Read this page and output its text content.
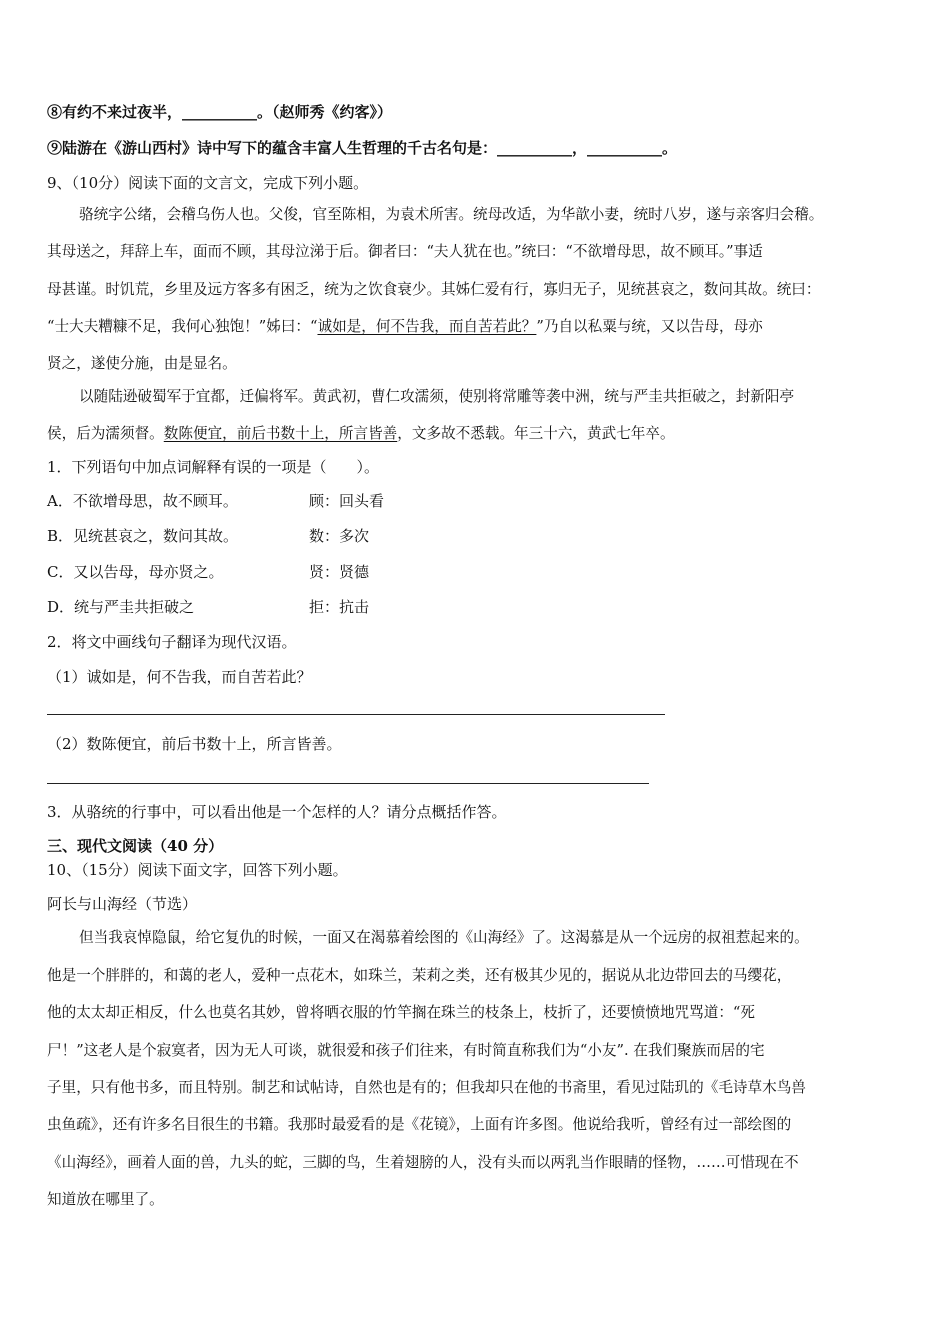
⑧有约不来过夜半，__________。（赵师秀《约客》）
⑨陆游在《游山西村》诗中写下的蕴含丰富人生哲理的千古名句是：__________，__________。
9、（10分）阅读下面的文言文，完成下列小题。
骆统字公绪，会稽乌伤人也。父俊，官至陈相，为袁术所害。统母改适，为华歆小妻，统时八岁，遂与亲客归会稽。
其母送之，拜辞上车，面而不顾，其母泣涕于后。御者曰：“夫人犹在也。”统曰：“不欲增母思，故不顾耳。”事适
母甚谨。时饥荒，乡里及远方客多有困乏，统为之饮食衰少。其姊仁爱有行，寡归无子，见统甚哀之，数问其故。统曰：
“士大夫糟糠不足，我何心独饱！”姊曰：“诚如是，何不告我，而自苦若此？”乃自以私粟与统，又以告母，母亦
贤之，遂使分施，由是显名。
以随陆逊破蜀军于宜都，迁偏将军。黄武初，曹仁攻濡须，使别将常雕等袭中洲，统与严圭共拒破之，封新阳亭
侯，后为濡须督。数陈便宜，前后书数十上，所言皆善，文多故不悉载。年三十六，黄武七年卒。
1．下列语句中加点词解释有误的一项是（　　）。
A．不欲增母思，故不顾耳。	顾：回头看
B．见统甚哀之，数问其故。	数：多次
C．又以告母，母亦贤之。	贤：贤德
D．统与严圭共拒破之	拒：抗击
2．将文中画线句子翻译为现代汉语。
（1）诚如是，何不告我，而自苦若此？
（2）数陈便宜，前后书数十上，所言皆善。
3．从骆统的行事中，可以看出他是一个怎样的人？请分点概括作答。
三、现代文阅读（40 分）
10、（15分）阅读下面文字，回答下列小题。
阿长与山海经（节选）
但当我哀悼隐鼠，给它复仇的时候，一面又在渴慕着绘图的《山海经》了。这渴慕是从一个远房的叔祖惹起来的。
他是一个胖胖的，和蔼的老人，爱种一点花木，如珠兰，茉莉之类，还有极其少见的，据说从北边带回去的马缨花，
他的太太却正相反，什么也莫名其妙，曾将晒衣服的竹竿搁在珠兰的枝条上，枝折了，还要愤愤地咒骂道：“死
尸！”这老人是个寂寞者，因为无人可谈，就很爱和孩子们往来，有时简直称我们为“小友”. 在我们聚族而居的宅
子里，只有他书多，而且特别。制艺和试帖诗，自然也是有的；但我却只在他的书斋里，看见过陆玑的《毛诗草木鸟兽
虫鱼疏》，还有许多名目很生的书籍。我那时最爱看的是《花镜》，上面有许多图。他说给我听，曾经有过一部绘图的
《山海经》，画着人面的兽，九头的蛇，三脚的鸟，生着翅膀的人，没有头而以两乳当作眼睛的怪物，……可惜现在不
知道放在哪里了。
